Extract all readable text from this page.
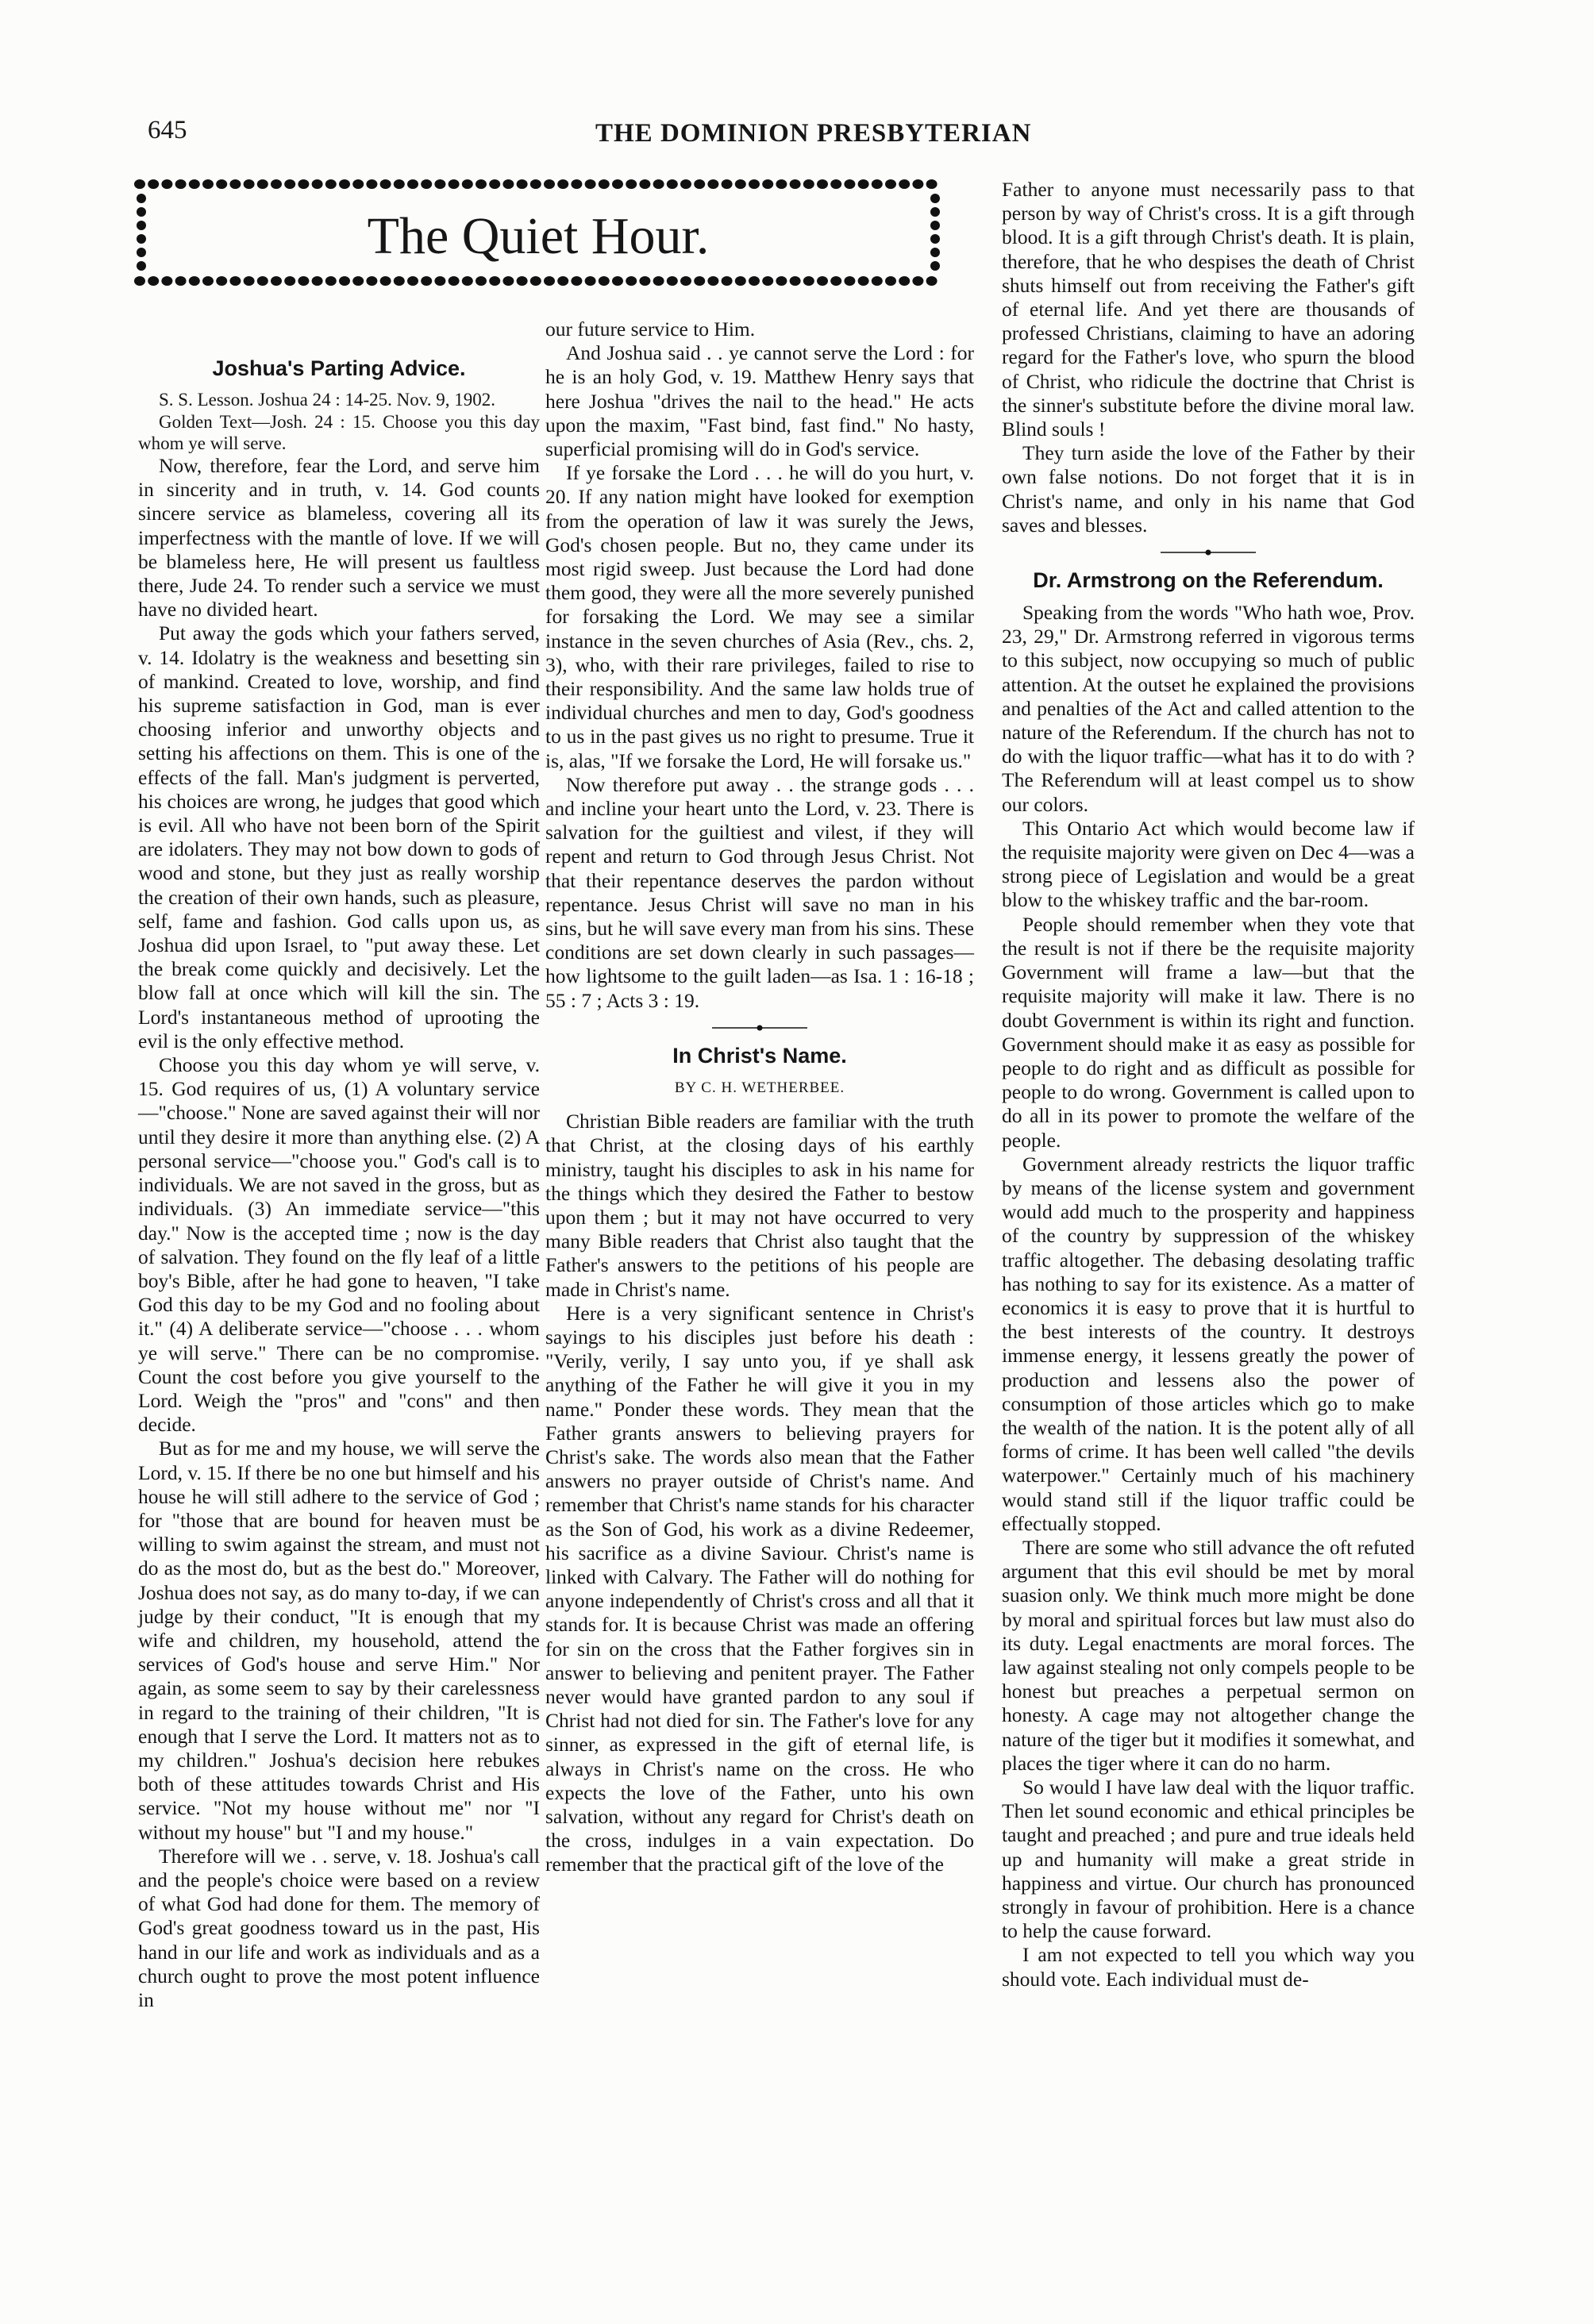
645	THE DOMINION PRESBYTERIAN
The Quiet Hour.
Joshua's Parting Advice.

S. S. Lesson. Joshua 24 : 14-25. Nov. 9, 1902.

Golden Text—Josh. 24 : 15. Choose you this day whom ye will serve.

Now, therefore, fear the Lord, and serve him in sincerity and in truth, v. 14. God counts sincere service as blameless, covering all its imperfectness with the mantle of love. If we will be blameless here, He will present us faultless there, Jude 24. To render such a service we must have no divided heart.

Put away the gods which your fathers served, v. 14. Idolatry is the weakness and besetting sin of mankind. Created to love, worship, and find his supreme satisfaction in God, man is ever choosing inferior and unworthy objects and setting his affections on them. This is one of the effects of the fall. Man's judgment is perverted, his choices are wrong, he judges that good which is evil. All who have not been born of the Spirit are idolaters. They may not bow down to gods of wood and stone, but they just as really worship the creation of their own hands, such as pleasure, self, fame and fashion. God calls upon us, as Joshua did upon Israel, to "put away these. Let the break come quickly and decisively. Let the blow fall at once which will kill the sin. The Lord's instantaneous method of uprooting the evil is the only effective method.

Choose you this day whom ye will serve, v. 15. God requires of us, (1) A voluntary service—"choose." None are saved against their will nor until they desire it more than anything else. (2) A personal service—"choose you." God's call is to individuals. We are not saved in the gross, but as individuals. (3) An immediate service—"this day." Now is the accepted time ; now is the day of salvation. They found on the fly leaf of a little boy's Bible, after he had gone to heaven, "I take God this day to be my God and no fooling about it." (4) A deliberate service—"choose . . . whom ye will serve." There can be no compromise. Count the cost before you give yourself to the Lord. Weigh the "pros" and "cons" and then decide.

But as for me and my house, we will serve the Lord, v. 15. If there be no one but himself and his house he will still adhere to the service of God ; for "those that are bound for heaven must be willing to swim against the stream, and must not do as the most do, but as the best do." Moreover, Joshua does not say, as do many to-day, if we can judge by their conduct, "It is enough that my wife and children, my household, attend the services of God's house and serve Him." Nor again, as some seem to say by their carelessness in regard to the training of their children, "It is enough that I serve the Lord. It matters not as to my children." Joshua's decision here rebukes both of these attitudes towards Christ and His service. "Not my house without me" nor "I without my house" but "I and my house."

Therefore will we . . serve, v. 18. Joshua's call and the people's choice were based on a review of what God had done for them. The memory of God's great goodness toward us in the past, His hand in our life and work as individuals and as a church ought to prove the most potent influence in

our future service to Him.

And Joshua said . . ye cannot serve the Lord : for he is an holy God, v. 19. Matthew Henry says that here Joshua "drives the nail to the head." He acts upon the maxim, "Fast bind, fast find." No hasty, superficial promising will do in God's service.

If ye forsake the Lord . . . he will do you hurt, v. 20. If any nation might have looked for exemption from the operation of law it was surely the Jews, God's chosen people. But no, they came under its most rigid sweep. Just because the Lord had done them good, they were all the more severely punished for forsaking the Lord. We may see a similar instance in the seven churches of Asia (Rev., chs. 2, 3), who, with their rare privileges, failed to rise to their responsibility. And the same law holds true of individual churches and men to day, God's goodness to us in the past gives us no right to presume. True it is, alas, "If we forsake the Lord, He will forsake us."

Now therefore put away . . the strange gods . . . and incline your heart unto the Lord, v. 23. There is salvation for the guiltiest and vilest, if they will repent and return to God through Jesus Christ. Not that their repentance deserves the pardon without repentance. Jesus Christ will save no man in his sins, but he will save every man from his sins. These conditions are set down clearly in such passages—how lightsome to the guilt laden—as Isa. 1 : 16-18 ; 55 : 7 ; Acts 3 : 19.

In Christ's Name.
BY C. H. WETHERBEE.

Christian Bible readers are familiar with the truth that Christ, at the closing days of his earthly ministry, taught his disciples to ask in his name for the things which they desired the Father to bestow upon them ; but it may not have occurred to very many Bible readers that Christ also taught that the Father's answers to the petitions of his people are made in Christ's name.

Here is a very significant sentence in Christ's sayings to his disciples just before his death : "Verily, verily, I say unto you, if ye shall ask anything of the Father he will give it you in my name." Ponder these words. They mean that the Father grants answers to believing prayers for Christ's sake. The words also mean that the Father answers no prayer outside of Christ's name. And remember that Christ's name stands for his character as the Son of God, his work as a divine Redeemer, his sacrifice as a divine Saviour. Christ's name is linked with Calvary. The Father will do nothing for anyone independently of Christ's cross and all that it stands for. It is because Christ was made an offering for sin on the cross that the Father forgives sin in answer to believing and penitent prayer. The Father never would have granted pardon to any soul if Christ had not died for sin. The Father's love for any sinner, as expressed in the gift of eternal life, is always in Christ's name on the cross. He who expects the love of the Father, unto his own salvation, without any regard for Christ's death on the cross, indulges in a vain expectation. Do remember that the practical gift of the love of the

Father to anyone must necessarily pass to that person by way of Christ's cross. It is a gift through blood. It is a gift through Christ's death. It is plain, therefore, that he who despises the death of Christ shuts himself out from receiving the Father's gift of eternal life. And yet there are thousands of professed Christians, claiming to have an adoring regard for the Father's love, who spurn the blood of Christ, who ridicule the doctrine that Christ is the sinner's substitute before the divine moral law. Blind souls !

They turn aside the love of the Father by their own false notions. Do not forget that it is in Christ's name, and only in his name that God saves and blesses.

Dr. Armstrong on the Referendum.

Speaking from the words "Who hath woe, Prov. 23, 29," Dr. Armstrong referred in vigorous terms to this subject, now occupying so much of public attention. At the outset he explained the provisions and penalties of the Act and called attention to the nature of the Referendum. If the church has not to do with the liquor traffic—what has it to do with ? The Referendum will at least compel us to show our colors.

This Ontario Act which would become law if the requisite majority were given on Dec 4—was a strong piece of Legislation and would be a great blow to the whiskey traffic and the bar-room.

People should remember when they vote that the result is not if there be the requisite majority Government will frame a law—but that the requisite majority will make it law. There is no doubt Government is within its right and function. Government should make it as easy as possible for people to do right and as difficult as possible for people to do wrong. Government is called upon to do all in its power to promote the welfare of the people.

Government already restricts the liquor traffic by means of the license system and government would add much to the prosperity and happiness of the country by suppression of the whiskey traffic altogether. The debasing desolating traffic has nothing to say for its existence. As a matter of economics it is easy to prove that it is hurtful to the best interests of the country. It destroys immense energy, it lessens greatly the power of production and lessens also the power of consumption of those articles which go to make the wealth of the nation. It is the potent ally of all forms of crime. It has been well called "the devils waterpower." Certainly much of his machinery would stand still if the liquor traffic could be effectually stopped.

There are some who still advance the oft refuted argument that this evil should be met by moral suasion only. We think much more might be done by moral and spiritual forces but law must also do its duty. Legal enactments are moral forces. The law against stealing not only compels people to be honest but preaches a perpetual sermon on honesty. A cage may not altogether change the nature of the tiger but it modifies it somewhat, and places the tiger where it can do no harm.

So would I have law deal with the liquor traffic. Then let sound economic and ethical principles be taught and preached ; and pure and true ideals held up and humanity will make a great stride in happiness and virtue. Our church has pronounced strongly in favour of prohibition. Here is a chance to help the cause forward.

I am not expected to tell you which way you should vote. Each individual must de-
